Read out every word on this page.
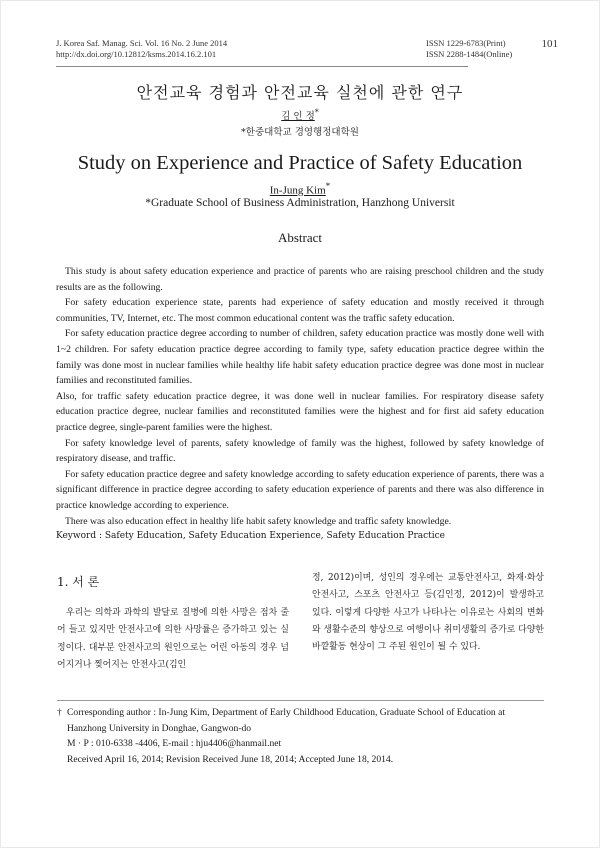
J. Korea Saf. Manag. Sci. Vol. 16 No. 2 June 2014
http://dx.doi.org/10.12812/ksms.2014.16.2.101
ISSN 1229-6783(Print)
ISSN 2288-1484(Online)
101
안전교육 경험과 안전교육 실천에 관한 연구
김 인 정*
*한중대학교 경영행정대학원
Study on Experience and Practice of Safety Education
In-Jung Kim*
*Graduate School of Business Administration, Hanzhong Universit
Abstract

This study is about safety education experience and practice of parents who are raising preschool children and the study results are as the following.

For safety education experience state, parents had experience of safety education and mostly received it through communities, TV, Internet, etc. The most common educational content was the traffic safety education.

For safety education practice degree according to number of children, safety education practice was mostly done well with 1~2 children. For safety education practice degree according to family type, safety education practice degree within the family was done most in nuclear families while healthy life habit safety education practice degree was done most in nuclear families and reconstituted families.

Also, for traffic safety education practice degree, it was done well in nuclear families. For respiratory disease safety education practice degree, nuclear families and reconstituted families were the highest and for first aid safety education practice degree, single-parent families were the highest.

For safety knowledge level of parents, safety knowledge of family was the highest, followed by safety knowledge of respiratory disease, and traffic.

For safety education practice degree and safety knowledge according to safety education experience of parents, there was a significant difference in practice degree according to safety education experience of parents and there was also difference in practice knowledge according to experience.

There was also education effect in healthy life habit safety knowledge and traffic safety knowledge.

Keyword : Safety Education, Safety Education Experience, Safety Education Practice
1. 서 론

우리는 의학과 과학의 발달로 질병에 의한 사망은 점차 줄어 들고 있지만 안전사고에 의한 사망률은 증가하고 있는 실정이다. 대부분 안전사고의 원인으로는 어린 아동의 경우 넘어지거나 찢어지는 안전사고(김인

정, 2012)이며, 성인의 경우에는 교통안전사고, 화재·화상 안전사고, 스포츠 안전사고 등(김인정, 2012)이 발생하고 있다. 이렇게 다양한 사고가 나타나는 이유로는 사회의 변화와 생활수준의 향상으로 여행이나 취미생활의 증가로 다양한 바깥활동 현상이 그 주된 원인이 될 수 있다.

† Corresponding author : In-Jung Kim, Department of Early Childhood Education, Graduate School of Education at Hanzhong University in Donghae, Gangwon-do
M · P : 010-6338 -4406, E-mail : hju4406@hanmail.net
Received April 16, 2014; Revision Received June 18, 2014; Accepted June 18, 2014.
